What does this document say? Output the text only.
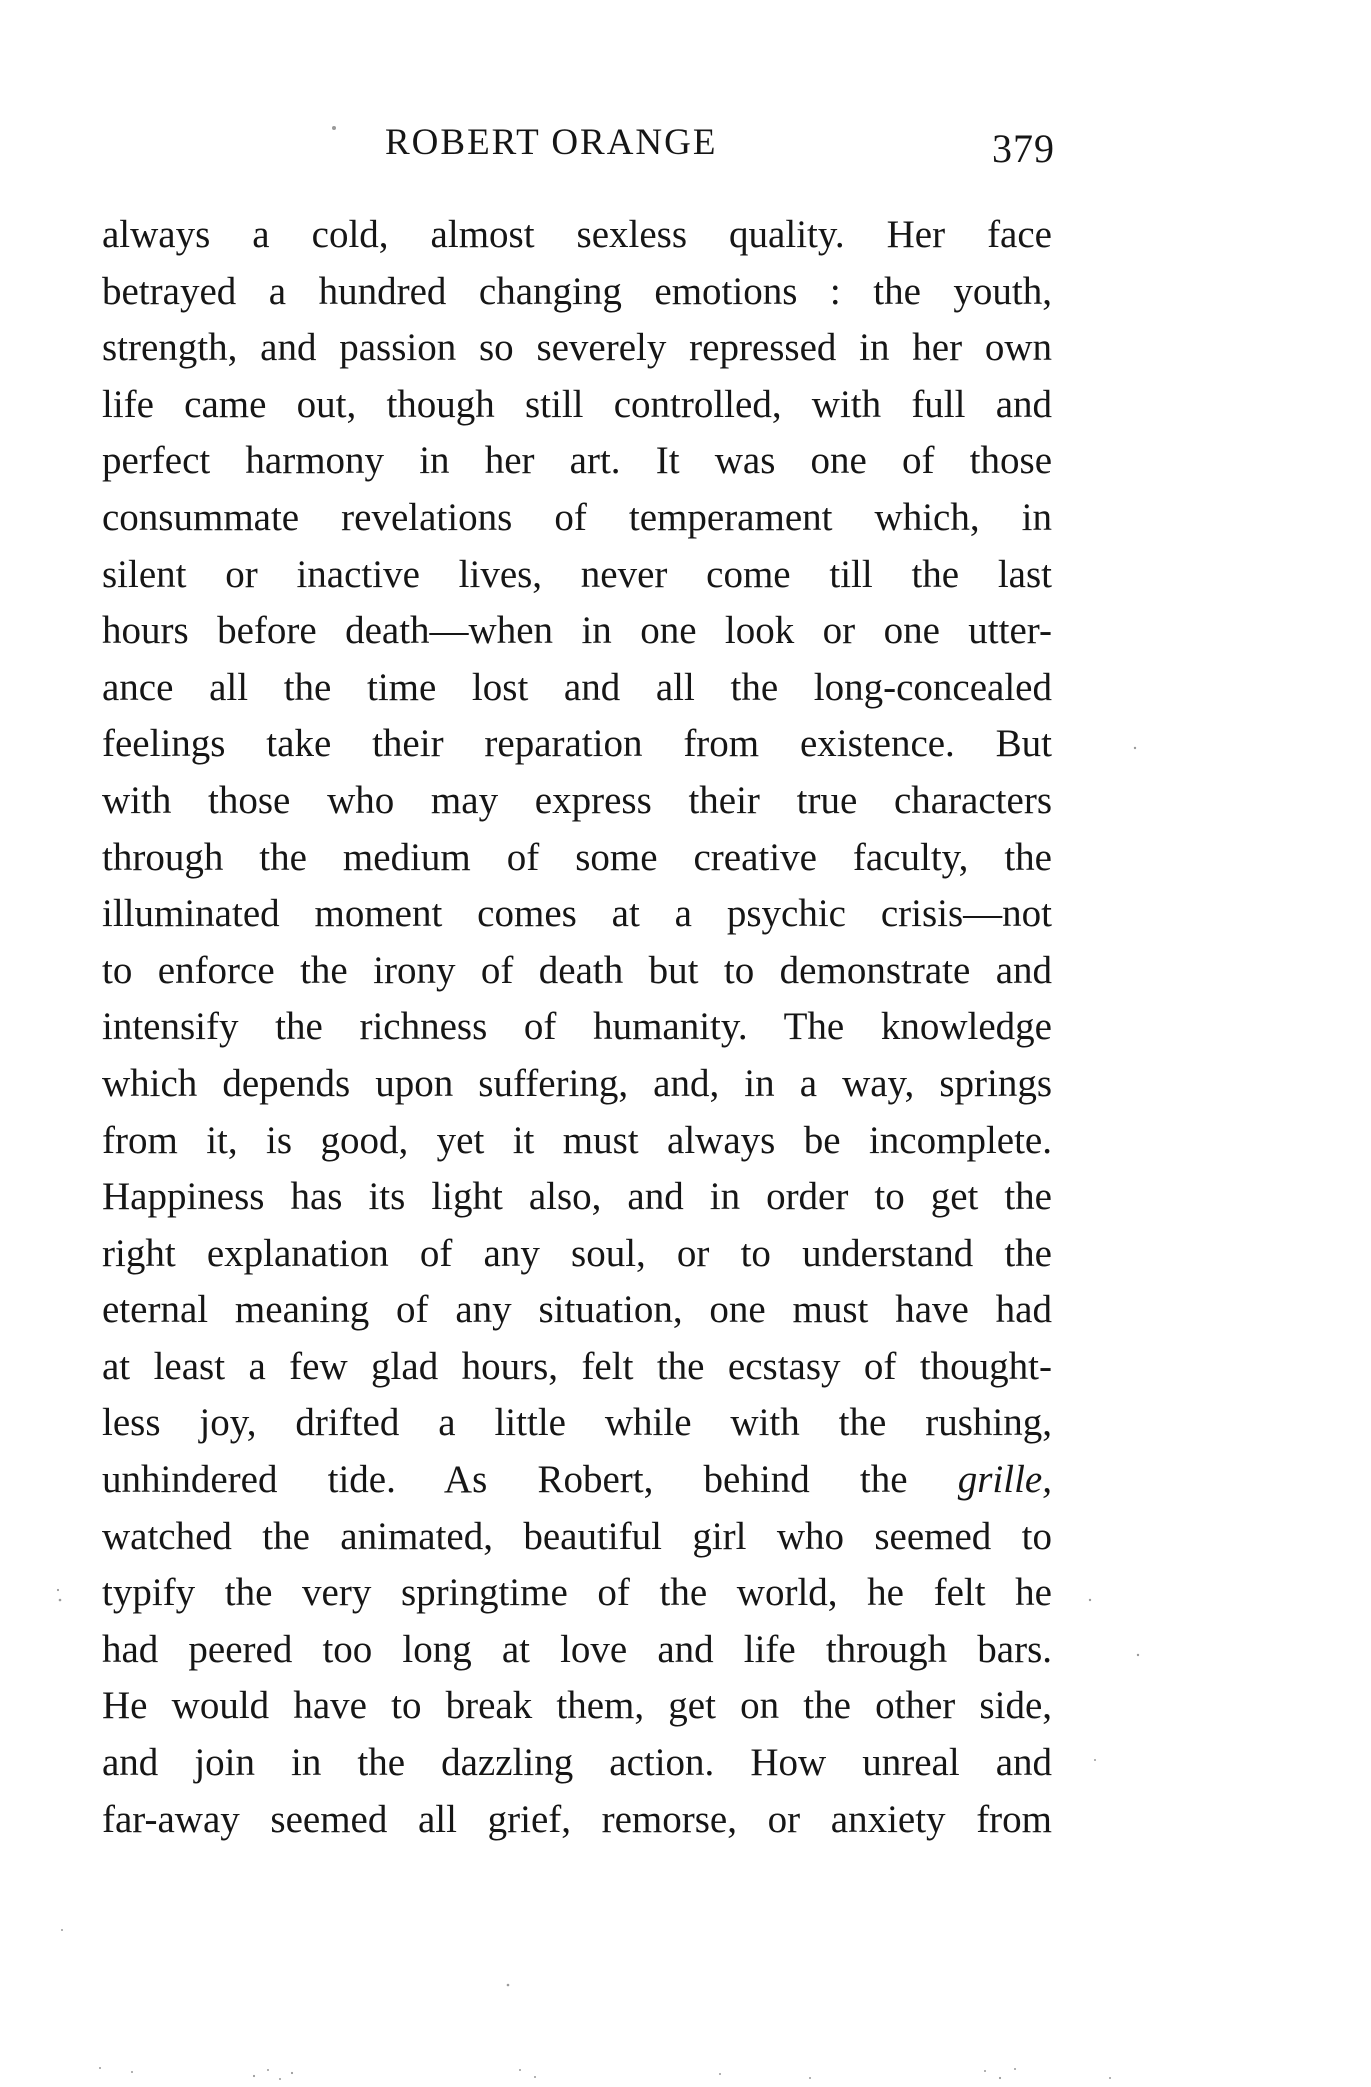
ROBERT ORANGE	379
always a cold, almost sexless quality. Her face
betrayed a hundred changing emotions : the youth,
strength, and passion so severely repressed in her own
life came out, though still controlled, with full and
perfect harmony in her art. It was one of those
consummate revelations of temperament which, in
silent or inactive lives, never come till the last
hours before death—when in one look or one utter-
ance all the time lost and all the long-concealed
feelings take their reparation from existence. But
with those who may express their true characters
through the medium of some creative faculty, the
illuminated moment comes at a psychic crisis—not
to enforce the irony of death but to demonstrate and
intensify the richness of humanity. The knowledge
which depends upon suffering, and, in a way, springs
from it, is good, yet it must always be incomplete.
Happiness has its light also, and in order to get the
right explanation of any soul, or to understand the
eternal meaning of any situation, one must have had
at least a few glad hours, felt the ecstasy of thought-
less joy, drifted a little while with the rushing,
unhindered tide. As Robert, behind the grille,
watched the animated, beautiful girl who seemed to
typify the very springtime of the world, he felt he
had peered too long at love and life through bars.
He would have to break them, get on the other side,
and join in the dazzling action. How unreal and
far-away seemed all grief, remorse, or anxiety from
